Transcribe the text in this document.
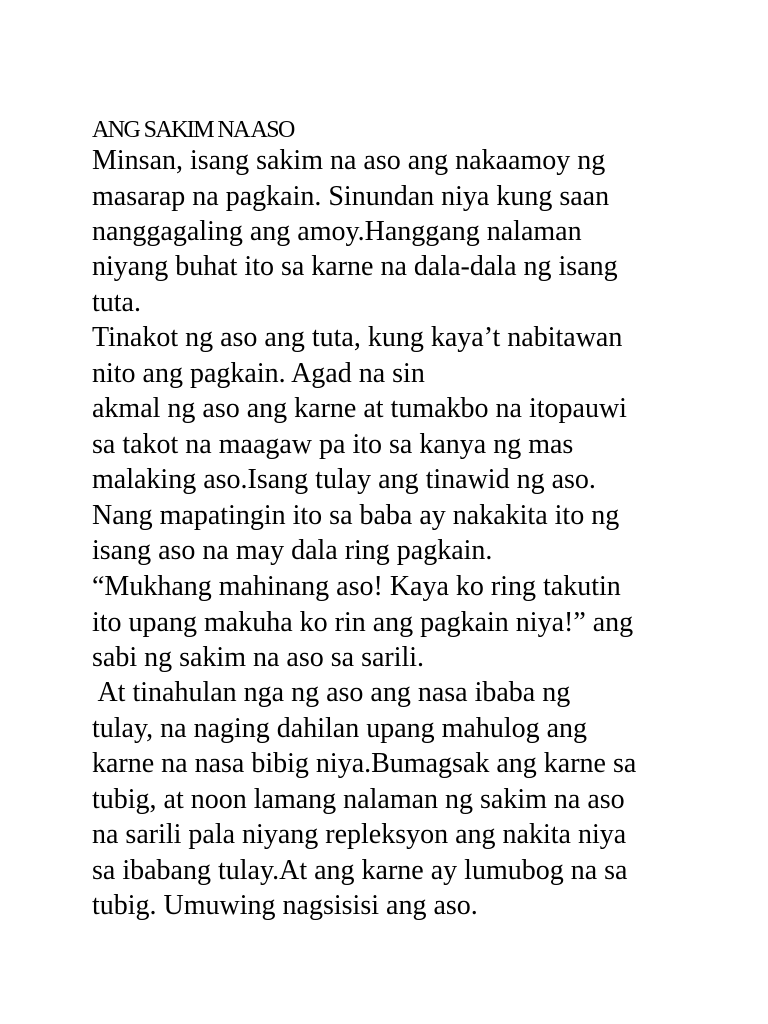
ANG SAKIM NA ASO
Minsan, isang sakim na aso ang nakaamoy ng
masarap na pagkain. Sinundan niya kung saan
nanggagaling ang amoy.Hanggang nalaman
niyang buhat ito sa karne na dala-dala ng isang
tuta.
Tinakot ng aso ang tuta, kung kaya’t nabitawan
nito ang pagkain. Agad na sin
akmal ng aso ang karne at tumakbo na itopauwi
sa takot na maagaw pa ito sa kanya ng mas
malaking aso.Isang tulay ang tinawid ng aso.
Nang mapatingin ito sa baba ay nakakita ito ng
isang aso na may dala ring pagkain.
“Mukhang mahinang aso! Kaya ko ring takutin
ito upang makuha ko rin ang pagkain niya!” ang
sabi ng sakim na aso sa sarili.
At tinahulan nga ng aso ang nasa ibaba ng
tulay, na naging dahilan upang mahulog ang
karne na nasa bibig niya.Bumagsak ang karne sa
tubig, at noon lamang nalaman ng sakim na aso
na sarili pala niyang repleksyon ang nakita niya
sa ibabang tulay.At ang karne ay lumubog na sa
tubig. Umuwing nagsisisi ang aso.
